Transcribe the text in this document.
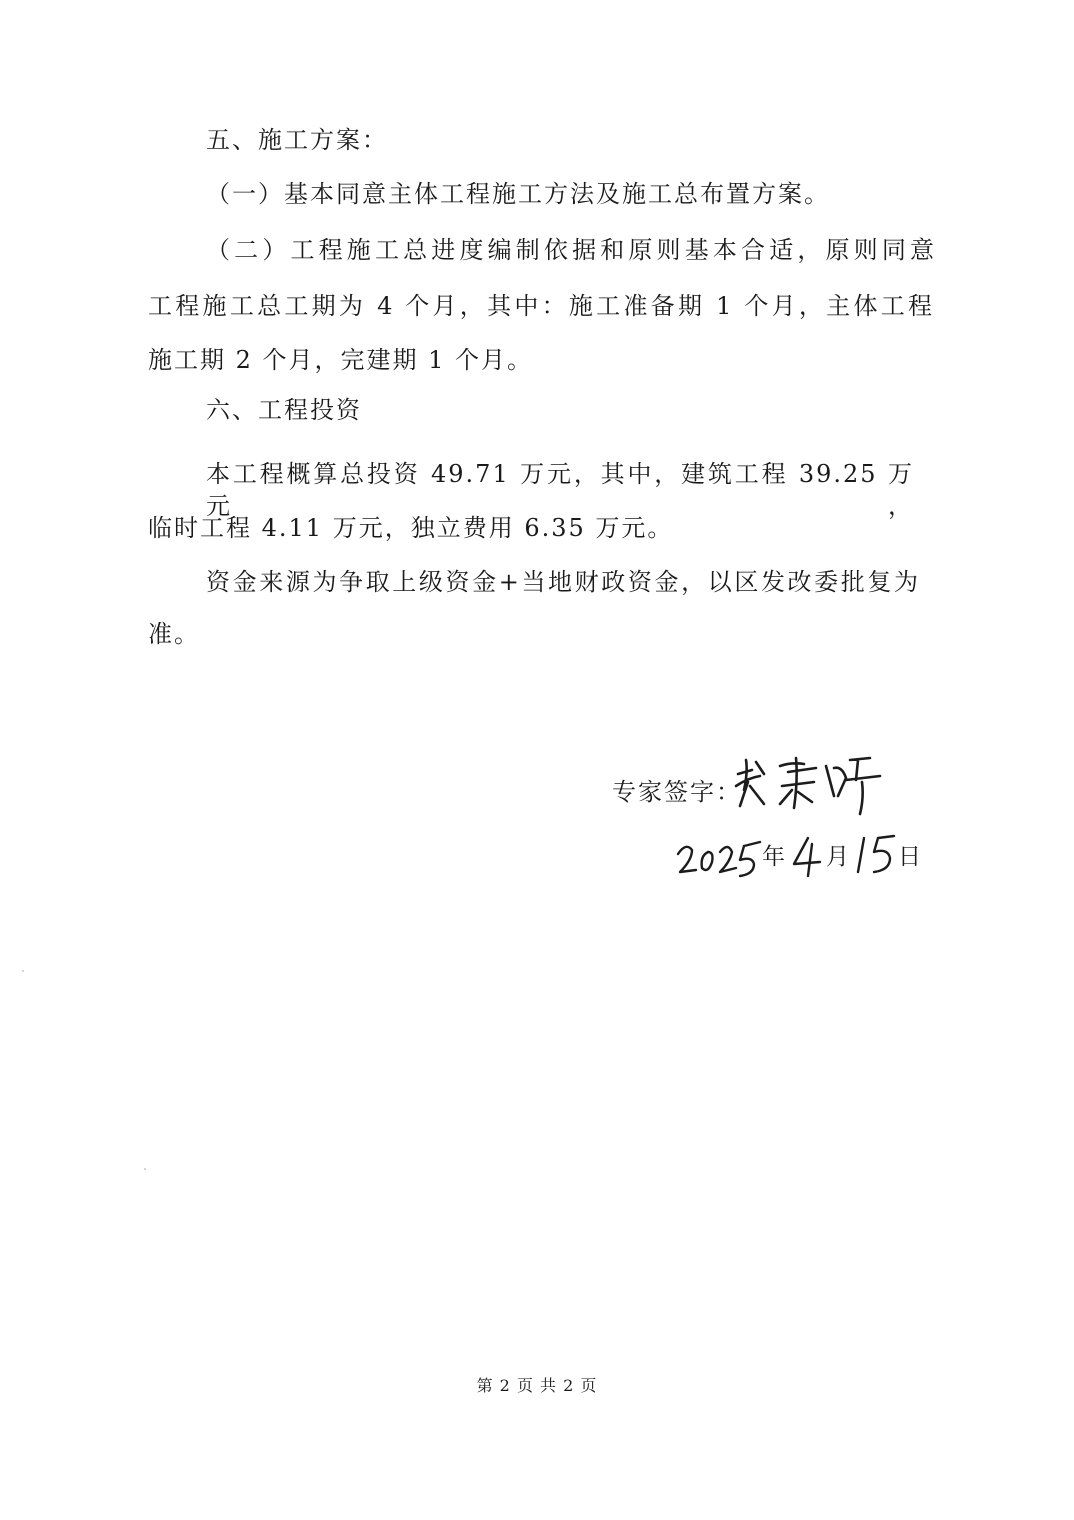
五、施工方案：
（一）基本同意主体工程施工方法及施工总布置方案。
（二）工程施工总进度编制依据和原则基本合适，原则同意
工程施工总工期为 4 个月，其中：施工准备期 1 个月，主体工程
施工期 2 个月，完建期 1 个月。
六、工程投资
本工程概算总投资 49.71 万元，其中，建筑工程 39.25 万元，
临时工程 4.11 万元，独立费用 6.35 万元。
资金来源为争取上级资金+当地财政资金，以区发改委批复为
准。
专家签字：
年 月 日
第 2 页 共 2 页
